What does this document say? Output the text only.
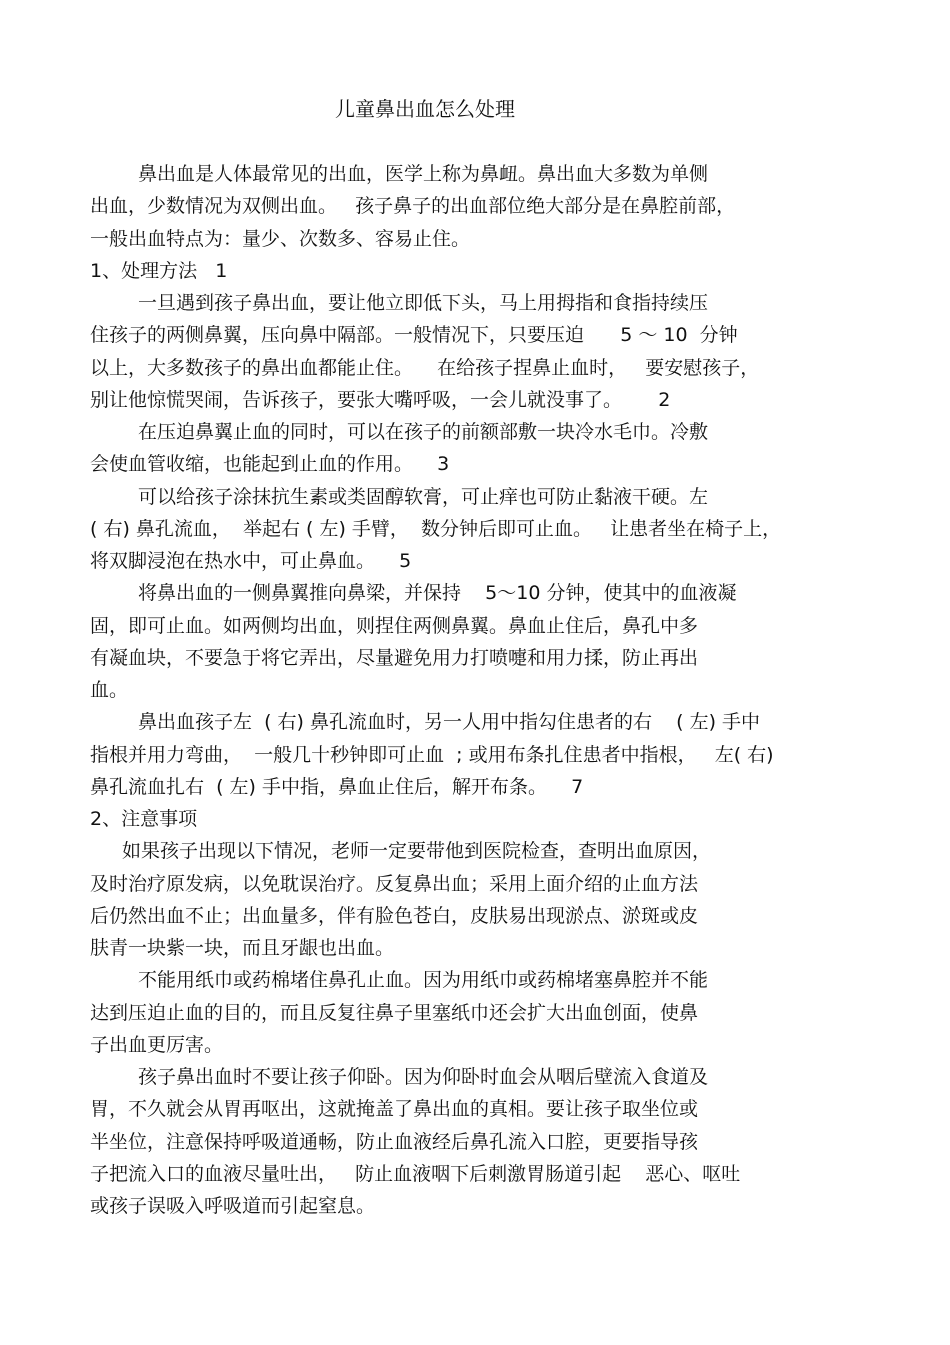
儿童鼻出血怎么处理
鼻出血是人体最常见的出血，医学上称为鼻衄。鼻出血大多数为单侧
出血，少数情况为双侧出血。   孩子鼻子的出血部位绝大部分是在鼻腔前部，
一般出血特点为：量少、次数多、容易止住。
1、处理方法   1
一旦遇到孩子鼻出血，要让他立即低下头，马上用拇指和食指持续压
住孩子的两侧鼻翼，压向鼻中隔部。一般情况下，只要压迫      5 ～ 10  分钟
以上，大多数孩子的鼻出血都能止住。    在给孩子捏鼻止血时，   要安慰孩子，
别让他惊慌哭闹，告诉孩子，要张大嘴呼吸，一会儿就没事了。      2
在压迫鼻翼止血的同时，可以在孩子的前额部敷一块冷水毛巾。冷敷
会使血管收缩，也能起到止血的作用。    3
可以给孩子涂抹抗生素或类固醇软膏，可止痒也可防止黏液干硬。左
( 右) 鼻孔流血，  举起右 ( 左) 手臂，  数分钟后即可止血。   让患者坐在椅子上，
将双脚浸泡在热水中，可止鼻血。    5
将鼻出血的一侧鼻翼推向鼻梁，并保持    5～10 分钟，使其中的血液凝
固，即可止血。如两侧均出血，则捏住两侧鼻翼。鼻血止住后，鼻孔中多
有凝血块，不要急于将它弄出，尽量避免用力打喷嚏和用力揉，防止再出
血。
鼻出血孩子左  ( 右) 鼻孔流血时，另一人用中指勾住患者的右    ( 左) 手中
指根并用力弯曲，  一般几十秒钟即可止血  ; 或用布条扎住患者中指根，   左( 右)
鼻孔流血扎右  ( 左) 手中指，鼻血止住后，解开布条。    7
2、注意事项
如果孩子出现以下情况，老师一定要带他到医院检查，查明出血原因，
及时治疗原发病，以免耽误治疗。反复鼻出血；采用上面介绍的止血方法
后仍然出血不止；出血量多，伴有脸色苍白，皮肤易出现淤点、淤斑或皮
肤青一块紫一块，而且牙龈也出血。
不能用纸巾或药棉堵住鼻孔止血。因为用纸巾或药棉堵塞鼻腔并不能
达到压迫止血的目的，而且反复往鼻子里塞纸巾还会扩大出血创面，使鼻
子出血更厉害。
孩子鼻出血时不要让孩子仰卧。因为仰卧时血会从咽后壁流入食道及
胃，不久就会从胃再呕出，这就掩盖了鼻出血的真相。要让孩子取坐位或
半坐位，注意保持呼吸道通畅，防止血液经后鼻孔流入口腔，更要指导孩
子把流入口的血液尽量吐出，   防止血液咽下后刺激胃肠道引起    恶心、呕吐
或孩子误吸入呼吸道而引起窒息。
